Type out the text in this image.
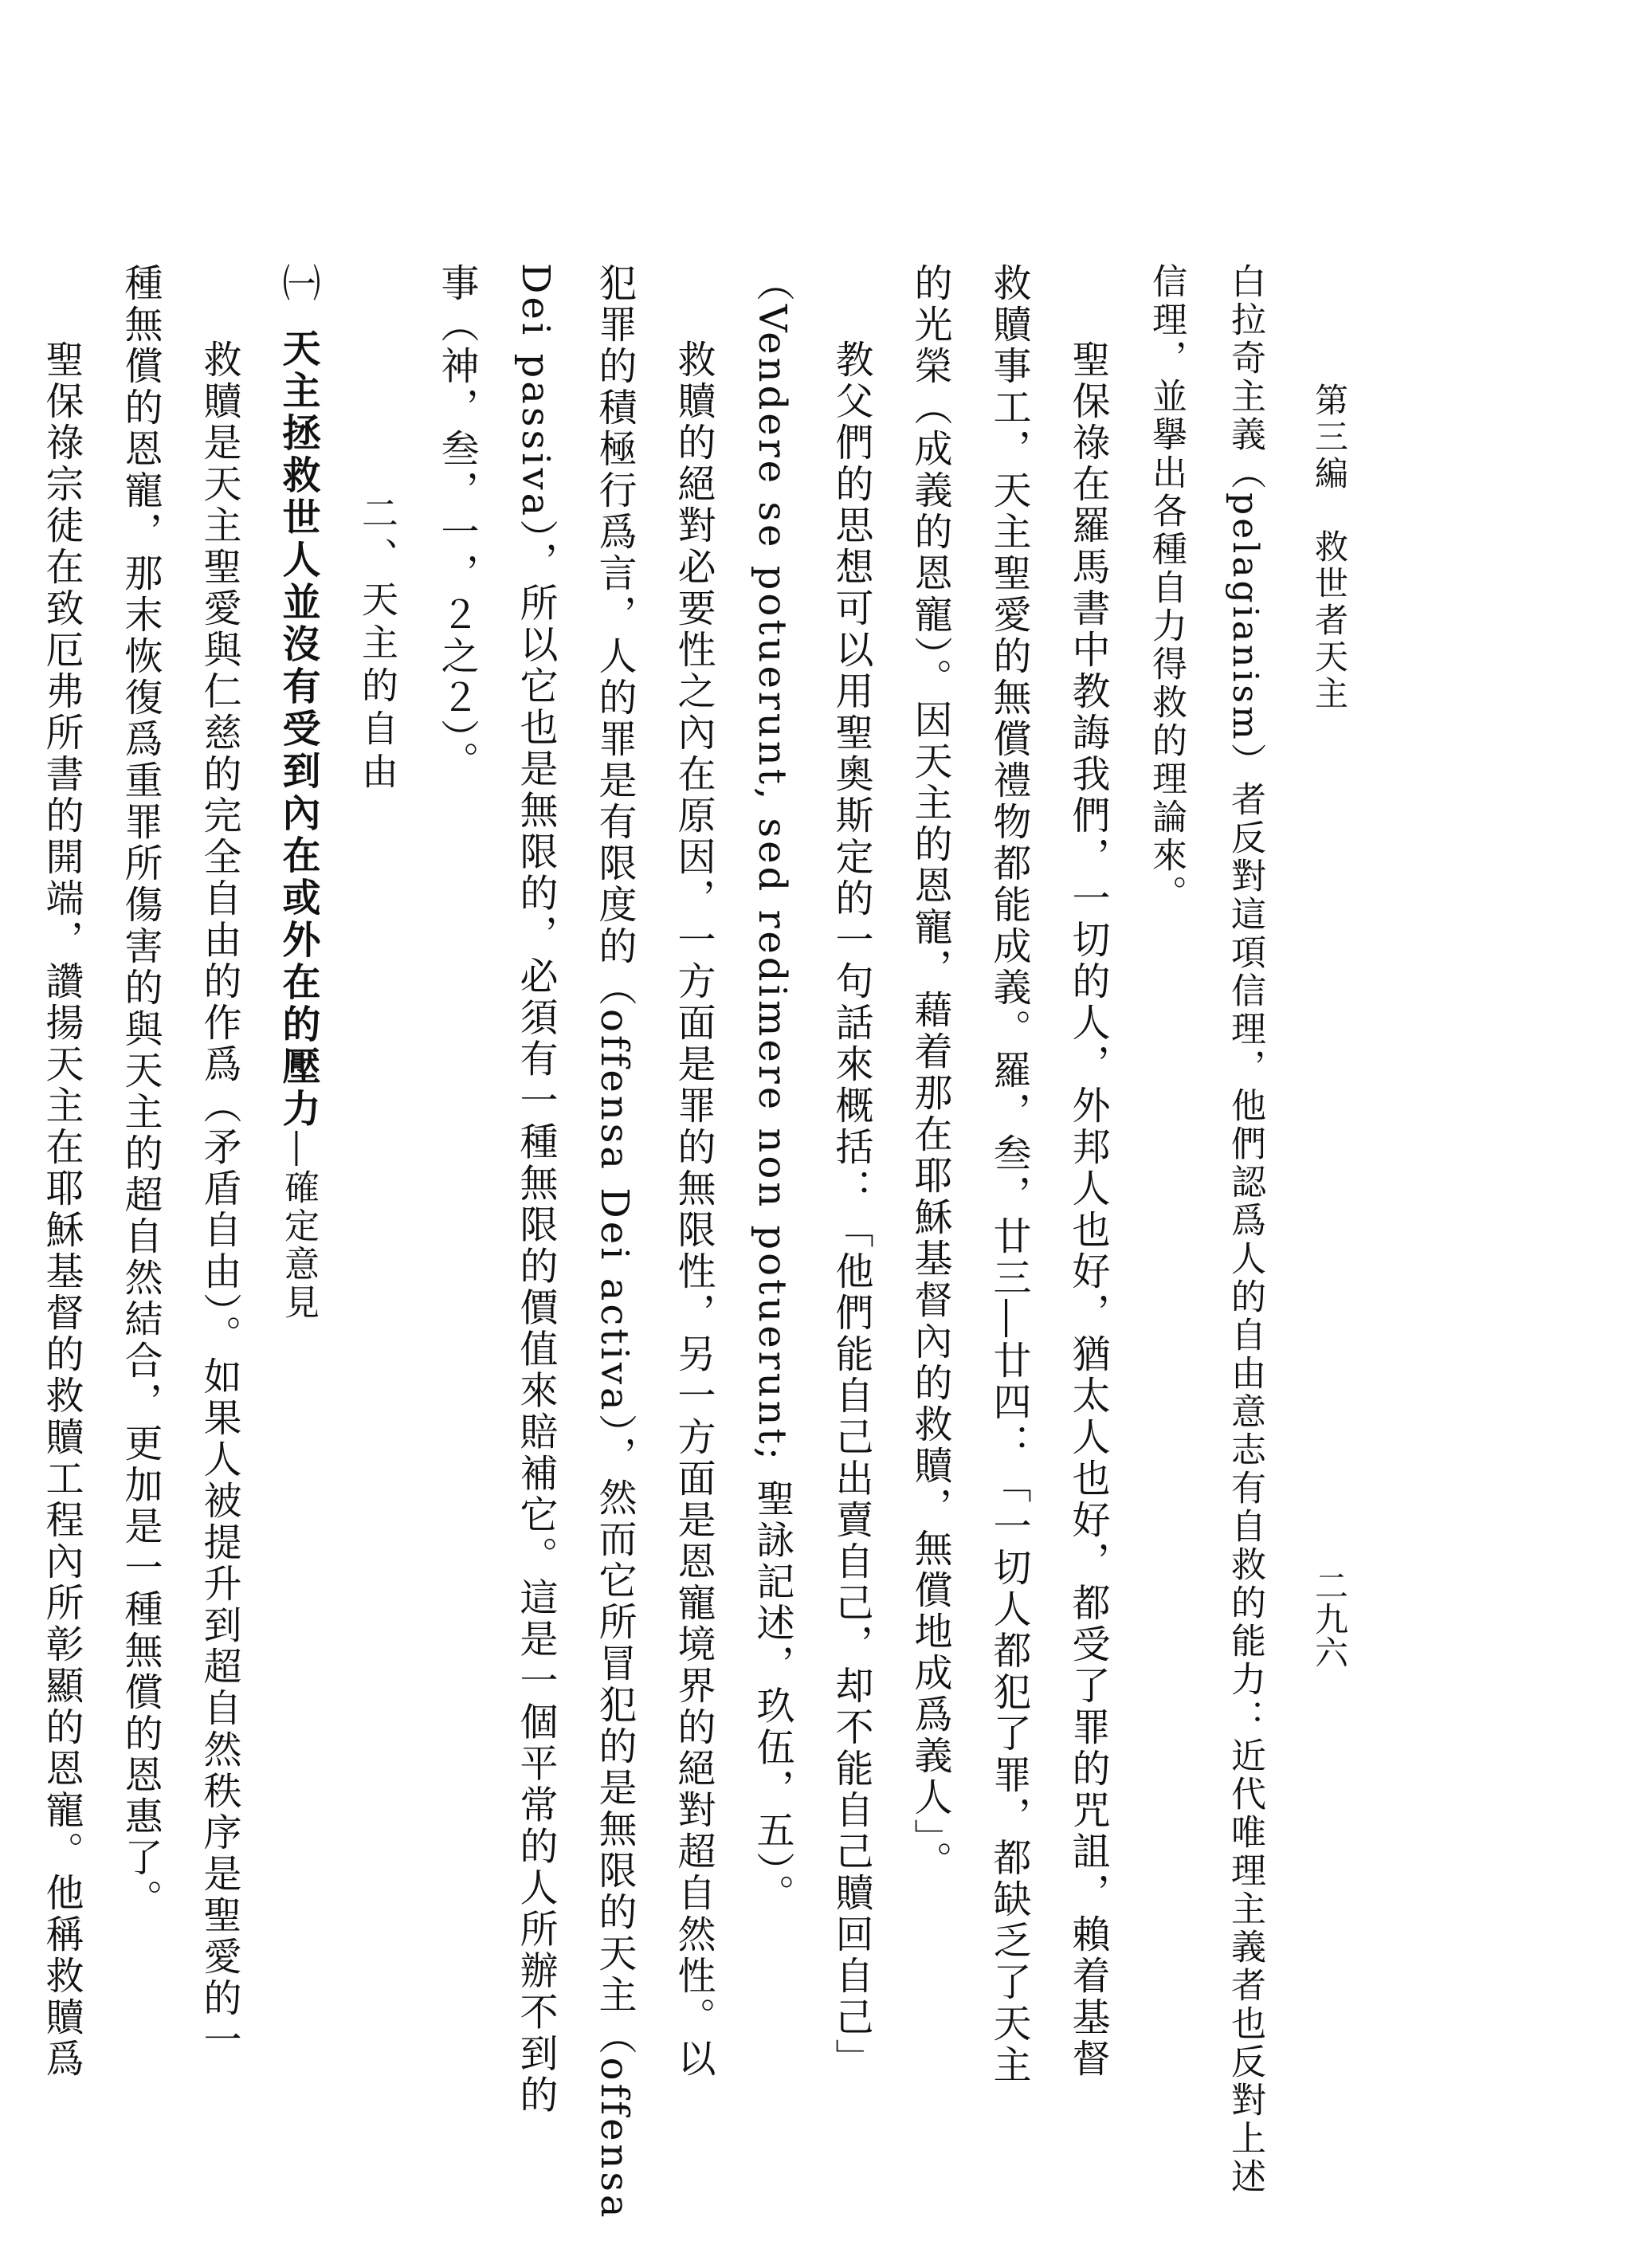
第三編　救世者天主
二九六

白拉奇主義（pelagianism）者反對這項信理，他們認爲人的自由意志有自救的能力：近代唯理主義者也反對上述

信理，並擧出各種自力得救的理論來。

聖保祿在羅馬書中教誨我們，一切的人，外邦人也好，猶太人也好，都受了罪的咒詛，賴着基督

救贖事工，天主聖愛的無償禮物都能成義。羅，叁，廿三―廿四：「一切人都犯了罪，都缺乏了天主

的光榮（成義的恩寵）。因天主的恩寵，藉着那在耶穌基督內的救贖，無償地成爲義人」。

教父們的思想可以用聖奧斯定的一句話來概括：「他們能自己出賣自己，却不能自己贖回自己」

（Vendere se potuerunt, sed redimere non potuerunt; 聖詠記述，玖伍，五）。

救贖的絕對必要性之內在原因，一方面是罪的無限性，另一方面是恩寵境界的絕對超自然性。以

犯罪的積極行爲言，人的罪是有限度的（offensa Dei activa），然而它所冒犯的是無限的天主（offensa

Dei passiva），所以它也是無限的，必須有一種無限的價值來賠補它。這是一個平常的人所辦不到的

事（神，叁，一，２之２）。

二、天主的自由

㈠天主拯救世人並沒有受到內在或外在的壓力―確定意見

救贖是天主聖愛與仁慈的完全自由的作爲（矛盾自由）。如果人被提升到超自然秩序是聖愛的一

種無償的恩寵，那末恢復爲重罪所傷害的與天主的超自然結合，更加是一種無償的恩惠了。

聖保祿宗徒在致厄弗所書的開端，讚揚天主在耶穌基督的救贖工程內所彰顯的恩寵。他稱救贖爲
